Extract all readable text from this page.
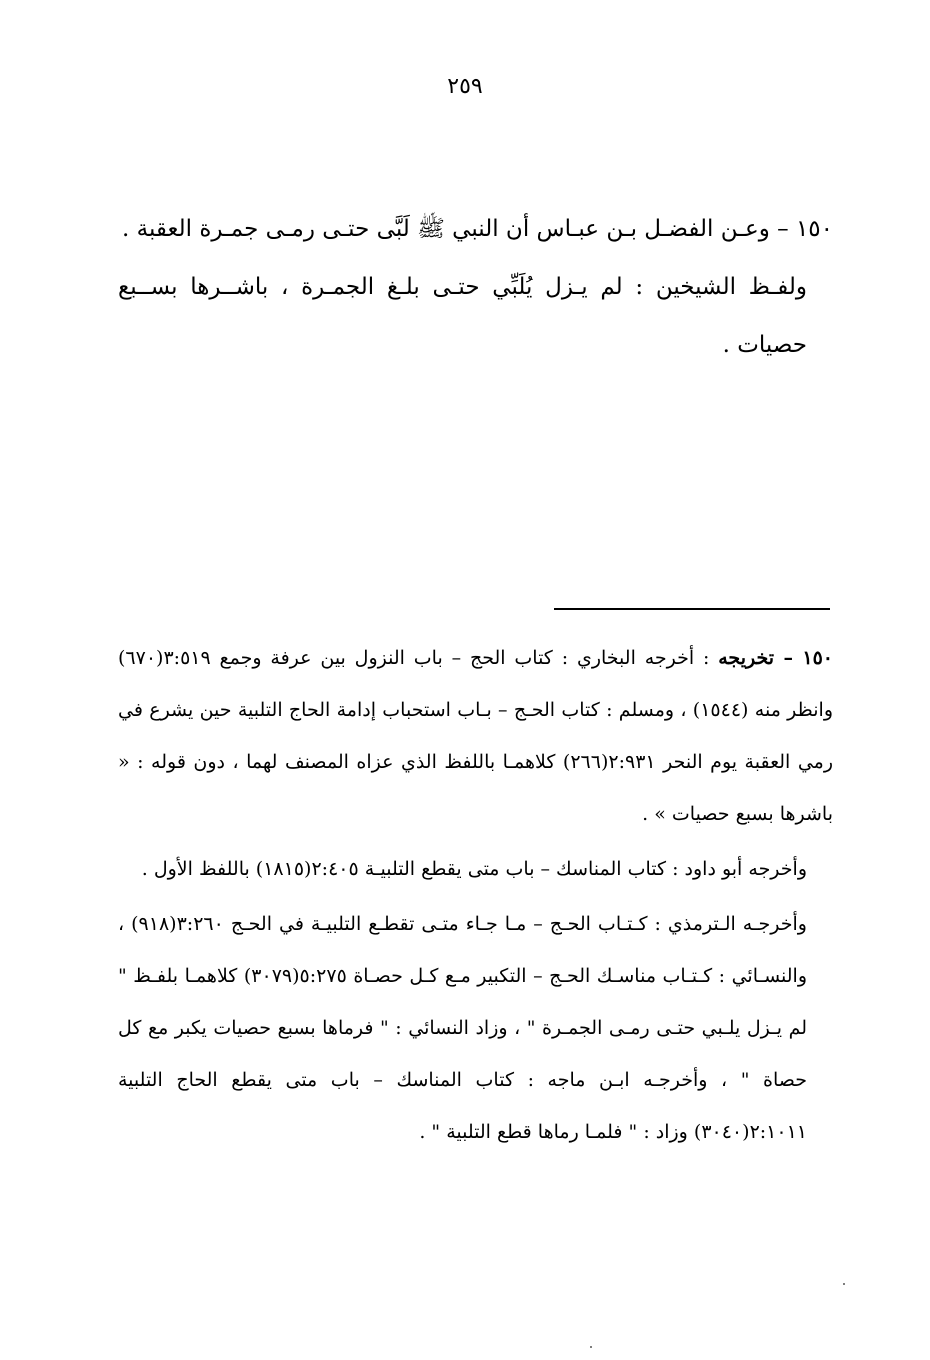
٢٥٩

١٥٠ – وعـن الفضـل بـن عبـاس أن النبي ﷺ لَبَّى حتـى رمـى جمـرة العقبة .

ولفـظ الشيخين : لم يـزل يُلَبِّي حتـى بلـغ الجمـرة ، باشــرها بســبع حصيات .

١٥٠ – تخريجه : أخرجه البخاري : كتاب الحج – باب النزول بين عرفة وجمع ٣:٥١٩(٦٧٠) وانظر منه (١٥٤٤) ، ومسلم : كتاب الحـج – بـاب استحباب إدامة الحاج التلبية حين يشرع في رمي العقبة يوم النحر ٢:٩٣١(٢٦٦) كلاهمـا باللفظ الذي عزاه المصنف لهما ، دون قوله : « باشرها بسبع حصيات » .

وأخرجه أبو داود : كتاب المناسك – باب متى يقطع التلبيـة ٢:٤٠٥(١٨١٥) باللفظ الأول .

وأخرجـه الـترمذي : كـتـاب الحـج – مـا جـاء متـى تقطـع التلبيـة في الحـج ٣:٢٦٠(٩١٨) ، والنسـائي : كـتـاب مناسـك الحـج – التكبير مـع كـل حصـاة ٥:٢٧٥(٣٠٧٩) كلاهمـا بلفـظ " لم يـزل يلـبي حتـى رمـى الجمـرة " ، وزاد النسائي : " فرماها بسبع حصيات يكبر مع كل حصاة " ، وأخرجـه ابـن ماجه : كتاب المناسك – باب متى يقطع الحاج التلبية ٢:١٠١١(٣٠٤٠) وزاد : " فلمـا رماها قطع التلبية " .
